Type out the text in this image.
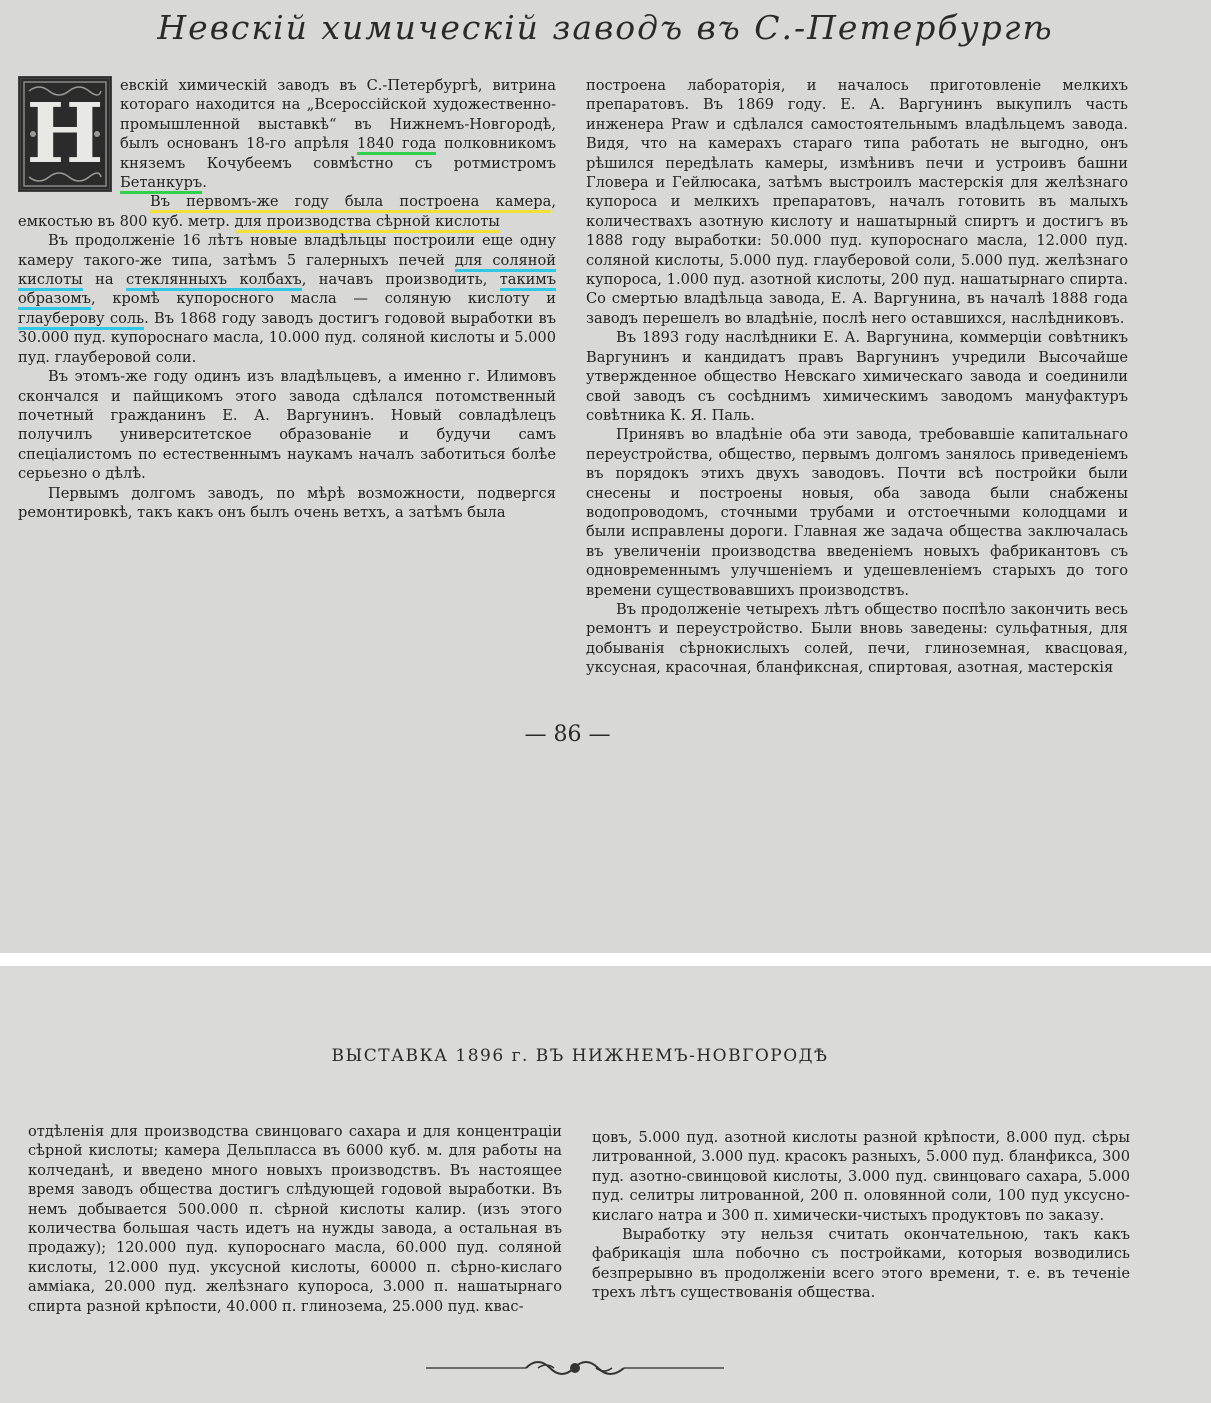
Невскій химическій заводъ въ С.-Петербургѣ

Н
евскій химическій заводъ въ С.-Петербургѣ, витрина котораго находится на „Всероссійской художественно-промышленной выставкѣ“ въ Нижнемъ-Новгородѣ, былъ основанъ 18-го апрѣля 1840 года полковникомъ княземъ Кочубеемъ совмѣстно съ ротмистромъ Бетанкуръ.

Въ первомъ-же году была построена камера, емкостью въ 800 куб. метр. для производства сѣрной кислоты

Въ продолженіе 16 лѣтъ новые владѣльцы построили еще одну камеру такого-же типа, затѣмъ 5 галерныхъ печей для соляной кислоты на стеклянныхъ колбахъ, начавъ производить, такимъ образомъ, кромѣ купоросного масла — соляную кислоту и глауберову соль. Въ 1868 году заводъ достигъ годовой выработки въ 30.000 пуд. купороснаго масла, 10.000 пуд. соляной кислоты и 5.000 пуд. глауберовой соли.

Въ этомъ-же году одинъ изъ владѣльцевъ, а именно г. Илимовъ скончался и пайщикомъ этого завода сдѣлался потомственный почетный гражданинъ Е. А. Варгунинъ. Новый совладѣлецъ получилъ университетское образованіе и будучи самъ спеціалистомъ по естественнымъ наукамъ началъ заботиться болѣе серьезно о дѣлѣ.

Первымъ долгомъ заводъ, по мѣрѣ возможности, подвергся ремонтировкѣ, такъ какъ онъ былъ очень ветхъ, а затѣмъ была

построена лабораторія, и началось приготовленіе мелкихъ препаратовъ. Въ 1869 году. Е. А. Варгунинъ выкупилъ часть инженера Praw и сдѣлался самостоятельнымъ владѣльцемъ завода. Видя, что на камерахъ стараго типа работать не выгодно, онъ рѣшился передѣлать камеры, измѣнивъ печи и устроивъ башни Гловера и Гейлюсака, затѣмъ выстроилъ мастерскія для желѣзнаго купороса и мелкихъ препаратовъ, началъ готовить въ малыхъ количествахъ азотную кислоту и нашатырный спиртъ и достигъ въ 1888 году выработки: 50.000 пуд. купороснаго масла, 12.000 пуд. соляной кислоты, 5.000 пуд. глауберовой соли, 5.000 пуд. желѣзнаго купороса, 1.000 пуд. азотной кислоты, 200 пуд. нашатырнаго спирта. Со смертью владѣльца завода, Е. А. Варгунина, въ началѣ 1888 года заводъ перешелъ во владѣніе, послѣ него оставшихся, наслѣдниковъ.

Въ 1893 году наслѣдники Е. А. Варгунина, коммерціи совѣтникъ Варгунинъ и кандидатъ правъ Варгунинъ учредили Высочайше утвержденное общество Невскаго химическаго завода и соединили свой заводъ съ сосѣднимъ химическимъ заводомъ мануфактуръ совѣтника К. Я. Паль.

Принявъ во владѣніе оба эти завода, требовавшіе капитальнаго переустройства, общество, первымъ долгомъ занялось приведеніемъ въ порядокъ этихъ двухъ заводовъ. Почти всѣ постройки были снесены и построены новыя, оба завода были снабжены водопроводомъ, сточными трубами и отстоечными колодцами и были исправлены дороги. Главная же задача общества заключалась въ увеличеніи производства введеніемъ новыхъ фабрикантовъ съ одновременнымъ улучшеніемъ и удешевленіемъ старыхъ до того времени существовавшихъ производствъ.

Въ продолженіе четырехъ лѣтъ общество поспѣло закончить весь ремонтъ и переустройство. Были вновь заведены: сульфатныя, для добыванія сѣрнокислыхъ солей, печи, глиноземная, квасцовая, уксусная, красочная, бланфиксная, спиртовая, азотная, мастерскія

— 86 —
ВЫСТАВКА 1896 г. ВЪ НИЖНЕМЪ-НОВГОРОДѢ

отдѣленія для производства свинцоваго сахара и для концентраціи сѣрной кислоты; камера Дельпласса въ 6000 куб. м. для работы на колчеданѣ, и введено много новыхъ производствъ. Въ настоящее время заводъ общества достигъ слѣдующей годовой выработки. Въ немъ добывается 500.000 п. сѣрной кислоты калир. (изъ этого количества большая часть идетъ на нужды завода, а остальная въ продажу); 120.000 пуд. купороснаго масла, 60.000 пуд. соляной кислоты, 12.000 пуд. уксусной кислоты, 60000 п. сѣрно-кислаго аммiака, 20.000 пуд. желѣзнаго купороса, 3.000 п. нашатырнаго спирта разной крѣпости, 40.000 п. глинозема, 25.000 пуд. квас-

цовъ, 5.000 пуд. азотной кислоты разной крѣпости, 8.000 пуд. сѣры литрованной, 3.000 пуд. красокъ разныхъ, 5.000 пуд. бланфикса, 300 пуд. азотно-свинцовой кислоты, 3.000 пуд. свинцоваго сахара, 5.000 пуд. селитры литрованной, 200 п. оловянной соли, 100 пуд уксусно-кислаго натра и 300 п. химически-чистыхъ продуктовъ по заказу.

Выработку эту нельзя считать окончательною, такъ какъ фабрикація шла побочно съ постройками, которыя возводились безпрерывно въ продолженіи всего этого времени, т. е. въ теченіе трехъ лѣтъ существованія общества.
